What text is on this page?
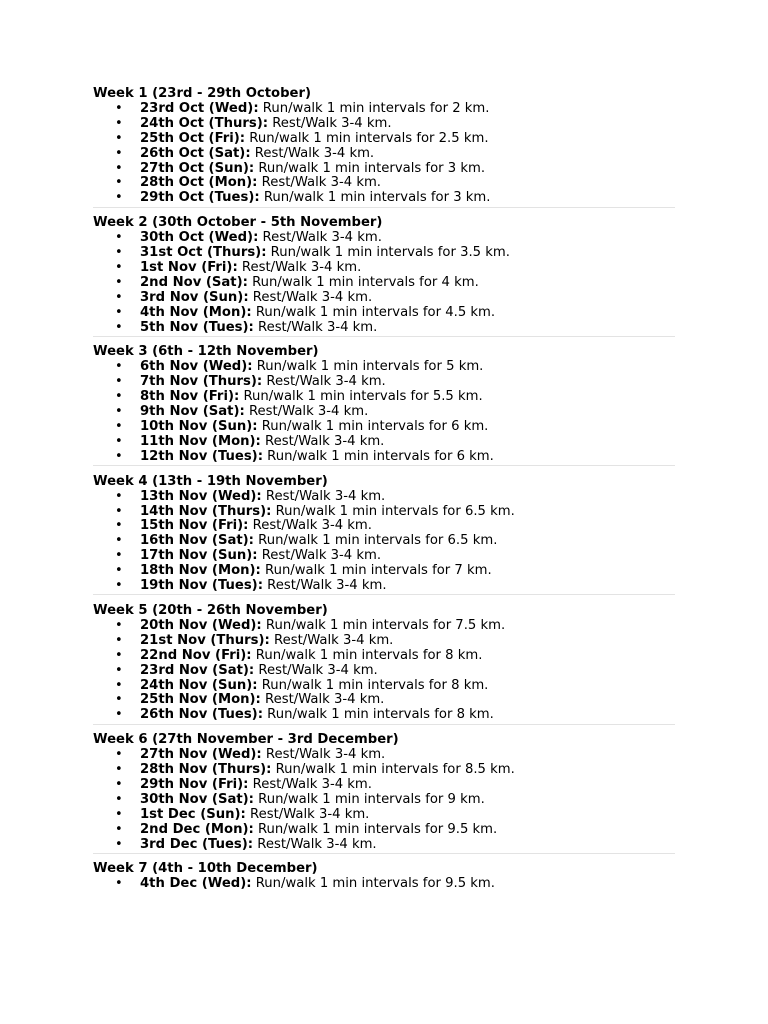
Week 1 (23rd - 29th October)
• 23rd Oct (Wed): Run/walk 1 min intervals for 2 km.
• 24th Oct (Thurs): Rest/Walk 3-4 km.
• 25th Oct (Fri): Run/walk 1 min intervals for 2.5 km.
• 26th Oct (Sat): Rest/Walk 3-4 km.
• 27th Oct (Sun): Run/walk 1 min intervals for 3 km.
• 28th Oct (Mon): Rest/Walk 3-4 km.
• 29th Oct (Tues): Run/walk 1 min intervals for 3 km.
Week 2 (30th October - 5th November)
• 30th Oct (Wed): Rest/Walk 3-4 km.
• 31st Oct (Thurs): Run/walk 1 min intervals for 3.5 km.
• 1st Nov (Fri): Rest/Walk 3-4 km.
• 2nd Nov (Sat): Run/walk 1 min intervals for 4 km.
• 3rd Nov (Sun): Rest/Walk 3-4 km.
• 4th Nov (Mon): Run/walk 1 min intervals for 4.5 km.
• 5th Nov (Tues): Rest/Walk 3-4 km.
Week 3 (6th - 12th November)
• 6th Nov (Wed): Run/walk 1 min intervals for 5 km.
• 7th Nov (Thurs): Rest/Walk 3-4 km.
• 8th Nov (Fri): Run/walk 1 min intervals for 5.5 km.
• 9th Nov (Sat): Rest/Walk 3-4 km.
• 10th Nov (Sun): Run/walk 1 min intervals for 6 km.
• 11th Nov (Mon): Rest/Walk 3-4 km.
• 12th Nov (Tues): Run/walk 1 min intervals for 6 km.
Week 4 (13th - 19th November)
• 13th Nov (Wed): Rest/Walk 3-4 km.
• 14th Nov (Thurs): Run/walk 1 min intervals for 6.5 km.
• 15th Nov (Fri): Rest/Walk 3-4 km.
• 16th Nov (Sat): Run/walk 1 min intervals for 6.5 km.
• 17th Nov (Sun): Rest/Walk 3-4 km.
• 18th Nov (Mon): Run/walk 1 min intervals for 7 km.
• 19th Nov (Tues): Rest/Walk 3-4 km.
Week 5 (20th - 26th November)
• 20th Nov (Wed): Run/walk 1 min intervals for 7.5 km.
• 21st Nov (Thurs): Rest/Walk 3-4 km.
• 22nd Nov (Fri): Run/walk 1 min intervals for 8 km.
• 23rd Nov (Sat): Rest/Walk 3-4 km.
• 24th Nov (Sun): Run/walk 1 min intervals for 8 km.
• 25th Nov (Mon): Rest/Walk 3-4 km.
• 26th Nov (Tues): Run/walk 1 min intervals for 8 km.
Week 6 (27th November - 3rd December)
• 27th Nov (Wed): Rest/Walk 3-4 km.
• 28th Nov (Thurs): Run/walk 1 min intervals for 8.5 km.
• 29th Nov (Fri): Rest/Walk 3-4 km.
• 30th Nov (Sat): Run/walk 1 min intervals for 9 km.
• 1st Dec (Sun): Rest/Walk 3-4 km.
• 2nd Dec (Mon): Run/walk 1 min intervals for 9.5 km.
• 3rd Dec (Tues): Rest/Walk 3-4 km.
Week 7 (4th - 10th December)
• 4th Dec (Wed): Run/walk 1 min intervals for 9.5 km.
